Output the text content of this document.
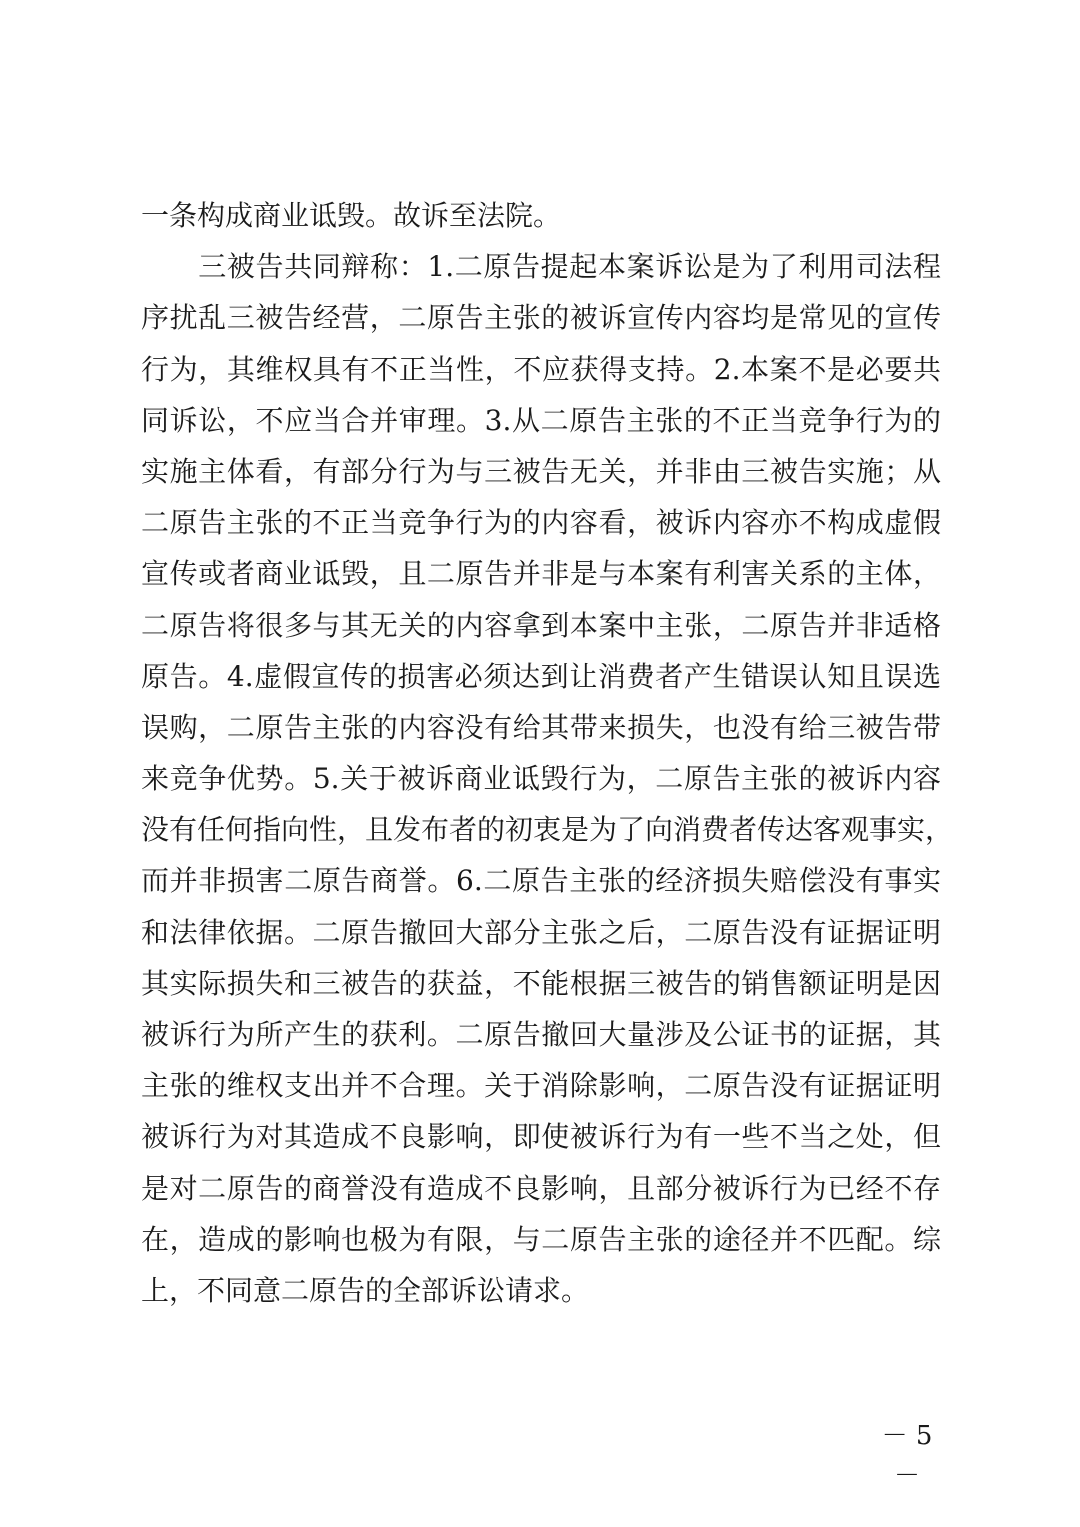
一条构成商业诋毁。故诉至法院。
　　三被告共同辩称：1.二原告提起本案诉讼是为了利用司法程
序扰乱三被告经营，二原告主张的被诉宣传内容均是常见的宣传
行为，其维权具有不正当性，不应获得支持。2.本案不是必要共
同诉讼，不应当合并审理。3.从二原告主张的不正当竞争行为的
实施主体看，有部分行为与三被告无关，并非由三被告实施；从
二原告主张的不正当竞争行为的内容看，被诉内容亦不构成虚假
宣传或者商业诋毁，且二原告并非是与本案有利害关系的主体，
二原告将很多与其无关的内容拿到本案中主张，二原告并非适格
原告。4.虚假宣传的损害必须达到让消费者产生错误认知且误选
误购，二原告主张的内容没有给其带来损失，也没有给三被告带
来竞争优势。5.关于被诉商业诋毁行为，二原告主张的被诉内容
没有任何指向性，且发布者的初衷是为了向消费者传达客观事实，
而并非损害二原告商誉。6.二原告主张的经济损失赔偿没有事实
和法律依据。二原告撤回大部分主张之后，二原告没有证据证明
其实际损失和三被告的获益，不能根据三被告的销售额证明是因
被诉行为所产生的获利。二原告撤回大量涉及公证书的证据，其
主张的维权支出并不合理。关于消除影响，二原告没有证据证明
被诉行为对其造成不良影响，即使被诉行为有一些不当之处，但
是对二原告的商誉没有造成不良影响，且部分被诉行为已经不存
在，造成的影响也极为有限，与二原告主张的途径并不匹配。综
上，不同意二原告的全部诉讼请求。
－ 5 －
